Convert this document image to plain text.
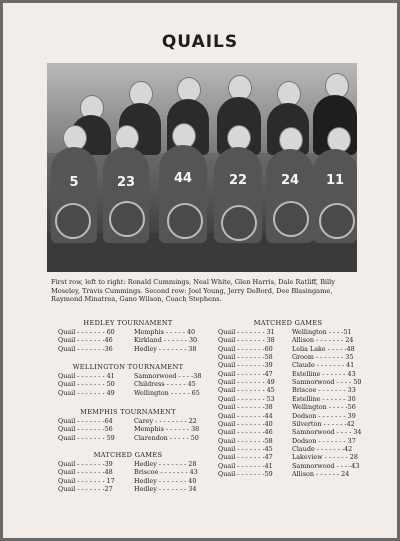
QUAILS
5	23	44	22	24	11
First row, left to right: Ronald Cummings, Neal White, Glen Harris, Dale Ratliff, Billy Moseley, Travis Cummings. Second row: Joel Young, Jerry DeBord, Dee Blasingame, Raymond Minatrea, Gano Wilson, Coach Stephens.
HEDLEY TOURNAMENT
Quail - - - - - - - 60	Memphis - - - - - 40
Quail - - - - - - -46	Kirkland - - - - - - 30
Quail - - - - - - -36	Hedley - - - - - - - 38
WELLINGTON TOURNAMENT
Quail - - - - - - - 41	Samnorwood - - - -38
Quail - - - - - - - 50	Childress - - - - - 45
Quail - - - - - - - 49	Wellington - - - - - 65
MEMPHIS TOURNAMENT
Quail - - - - - - -64	Carey - - - - - - - - 22
Quail - - - - - - -56	Memphis - - - - - - 38
Quail - - - - - - - 59	Clarendon - - - - - 50
MATCHED GAMES
Quail - - - - - - -39	Hedley - - - - - - - 28
Quail - - - - - - -48	Briscoe - - - - - - - 43
Quail - - - - - - - 17	Hedley - - - - - - - 40
Quail - - - - - - -27	Hedley - - - - - - - 34
MATCHED GAMES
Quail - - - - - - - 31	Wellington - - - -51
Quail - - - - - - - 38	Allison - - - - - - - 24
Quail - - - - - - -60	Lelia Lake - - - - -48
Quail - - - - - - -58	Groom - - - - - - - 35
Quail - - - - - - -39	Claude - - - - - - - 41
Quail - - - - - - -47	Estelline - - - - - - 43
Quail - - - - - - - 49	Samnorwood - - - - 50
Quail - - - - - - - 45	Briscoe - - - - - - - 33
Quail - - - - - - - 53	Estelline - - - - - - 30
Quail - - - - - - -38	Wellington - - - - -56
Quail - - - - - - -44	Dodson - - - - - - - 39
Quail - - - - - - -40	Silverton - - - - - -42
Quail - - - - - - -46	Samnorwood - - - - 34
Quail - - - - - - -58	Dodson - - - - - - - 37
Quail - - - - - - -45	Claude - - - - - - -42
Quail - - - - - - -47	Lakeview - - - - - - 28
Quail - - - - - - -41	Samnorwood - - - -43
Quail - - - - - - -59	Allison - - - - - - 24
